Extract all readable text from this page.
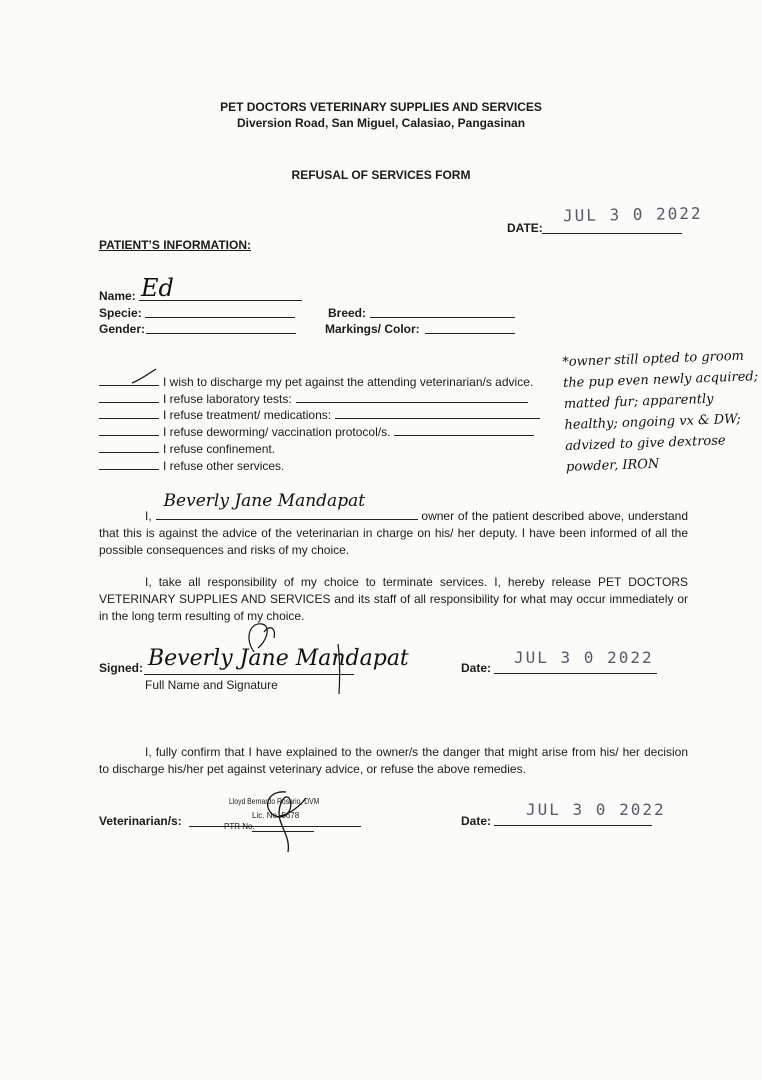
PET DOCTORS VETERINARY SUPPLIES AND SERVICES
Diversion Road, San Miguel, Calasiao, Pangasinan
REFUSAL OF SERVICES FORM
DATE:
JUL 3 0 2022
PATIENT’S INFORMATION:
Name: Ed
Specie:
Gender:
Breed:
Markings/ Color:
I wish to discharge my pet against the attending veterinarian/s advice.
I refuse laboratory tests:
I refuse treatment/ medications:
I refuse deworming/ vaccination protocol/s.
I refuse confinement.
I refuse other services.
*owner still opted to groom the pup even newly acquired; matted fur; apparently healthy; ongoing vx & DW; advized to give dextrose powder, IRON
I,
Beverly Jane Mandapat
owner of the patient described above, understand that this is against the advice of the veterinarian in charge on his/ her deputy. I have been informed of all the possible consequences and risks of my choice.
I, take all responsibility of my choice to terminate services. I, hereby release PET DOCTORS VETERINARY SUPPLIES AND SERVICES and its staff of all responsibility for what may occur immediately or in the long term resulting of my choice.
Signed: Beverly Jane Mandapat
Full Name and Signature
Date:
JUL 3 0 2022
I, fully confirm that I have explained to the owner/s the danger that might arise from his/ her decision to discharge his/her pet against veterinary advice, or refuse the above remedies.
Veterinarian/s:
Lloyd Bernardo Rosario, DVM
Lic. No. 5678
PTR No.	Date:
JUL 3 0 2022
